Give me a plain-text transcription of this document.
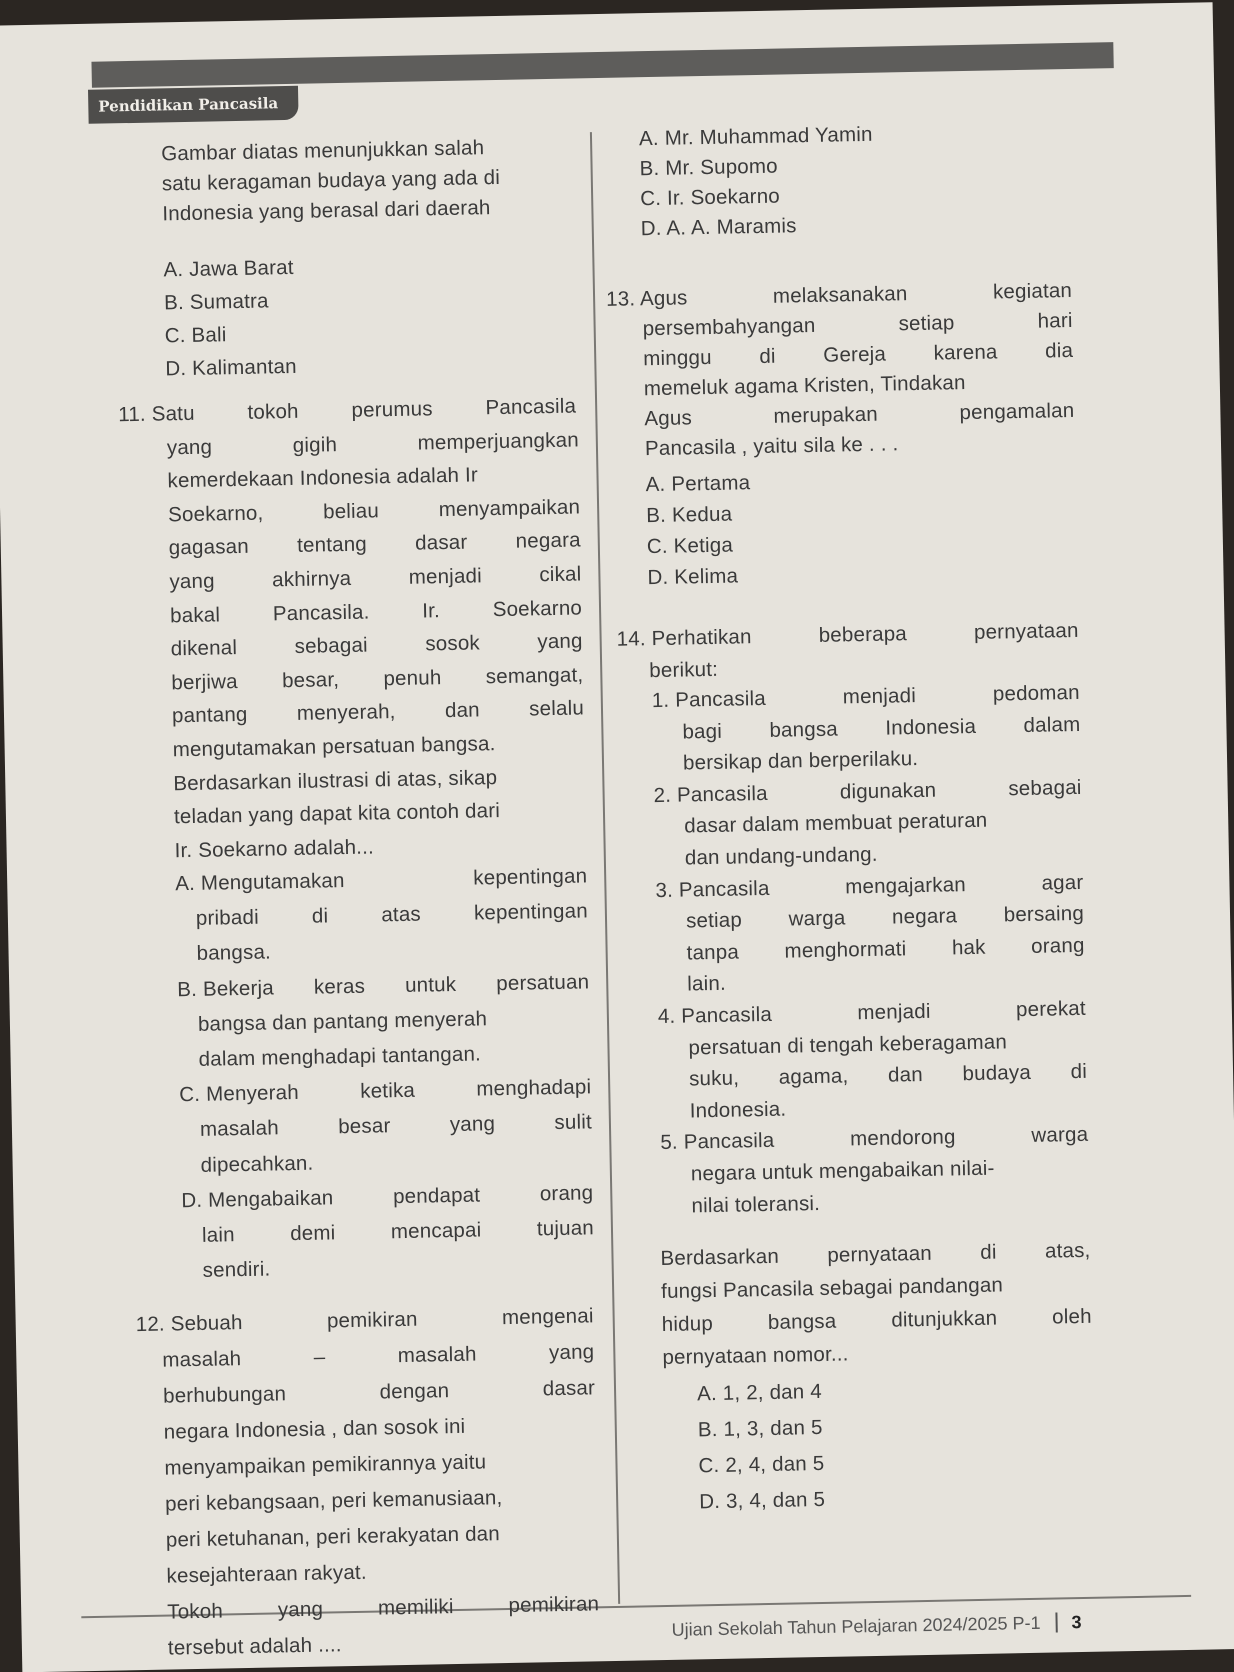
Pendidikan Pancasila
Ujian Sekolah Tahun Pelajaran 2024/2025 P-1 3
Gambar diatas menunjukkan salah
satu keragaman budaya yang ada di
Indonesia yang berasal dari daerah
A. Jawa Barat
B. Sumatra
C. Bali
D. Kalimantan
11. Satu	tokoh	perumus	Pancasila
yang	gigih	memperjuangkan
kemerdekaan Indonesia adalah Ir
Soekarno,	beliau	menyampaikan
gagasan tentang dasar negara
yang	akhirnya	menjadi	cikal
bakal	Pancasila.	Ir.	Soekarno
dikenal	sebagai	sosok	yang
berjiwa besar, penuh semangat,
pantang menyerah, dan selalu
mengutamakan persatuan bangsa.
Berdasarkan ilustrasi di atas, sikap
teladan yang dapat kita contoh dari
Ir. Soekarno adalah...
A. Mengutamakan	kepentingan
pribadi	di	atas	kepentingan
bangsa.
B. Bekerja keras untuk persatuan
bangsa dan pantang menyerah
dalam menghadapi tantangan.
C. Menyerah	ketika	menghadapi
masalah	besar	yang	sulit
dipecahkan.
D. Mengabaikan	pendapat	orang
lain	demi	mencapai	tujuan
sendiri.
12. Sebuah	pemikiran	mengenai
masalah	–	masalah	yang
berhubungan	dengan	dasar
negara Indonesia , dan sosok ini
menyampaikan pemikirannya yaitu
peri kebangsaan, peri kemanusiaan,
peri ketuhanan, peri kerakyatan dan
kesejahteraan rakyat.
Tokoh	yang	memiliki	pemikiran
tersebut adalah ....
A. Mr. Muhammad Yamin
B. Mr. Supomo
C. Ir. Soekarno
D. A. A. Maramis
13. Agus	melaksanakan	kegiatan
persembahyangan	setiap	hari
minggu di Gereja karena dia
memeluk agama Kristen, Tindakan
Agus	merupakan	pengamalan
Pancasila , yaitu sila ke . . .
A. Pertama
B. Kedua
C. Ketiga
D. Kelima
14. Perhatikan	beberapa	pernyataan
berikut:
1. Pancasila	menjadi	pedoman
bagi bangsa Indonesia dalam
bersikap dan berperilaku.
2. Pancasila	digunakan	sebagai
dasar dalam membuat peraturan
dan undang-undang.
3. Pancasila	mengajarkan	agar
setiap warga negara bersaing
tanpa menghormati hak orang
lain.
4. Pancasila	menjadi	perekat
persatuan di tengah keberagaman
suku, agama, dan budaya di
Indonesia.
5. Pancasila	mendorong	warga
negara untuk mengabaikan nilai-
nilai toleransi.
Berdasarkan pernyataan di atas,
fungsi Pancasila sebagai pandangan
hidup	bangsa	ditunjukkan	oleh
pernyataan nomor...
A. 1, 2, dan 4
B. 1, 3, dan 5
C. 2, 4, dan 5
D. 3, 4, dan 5
